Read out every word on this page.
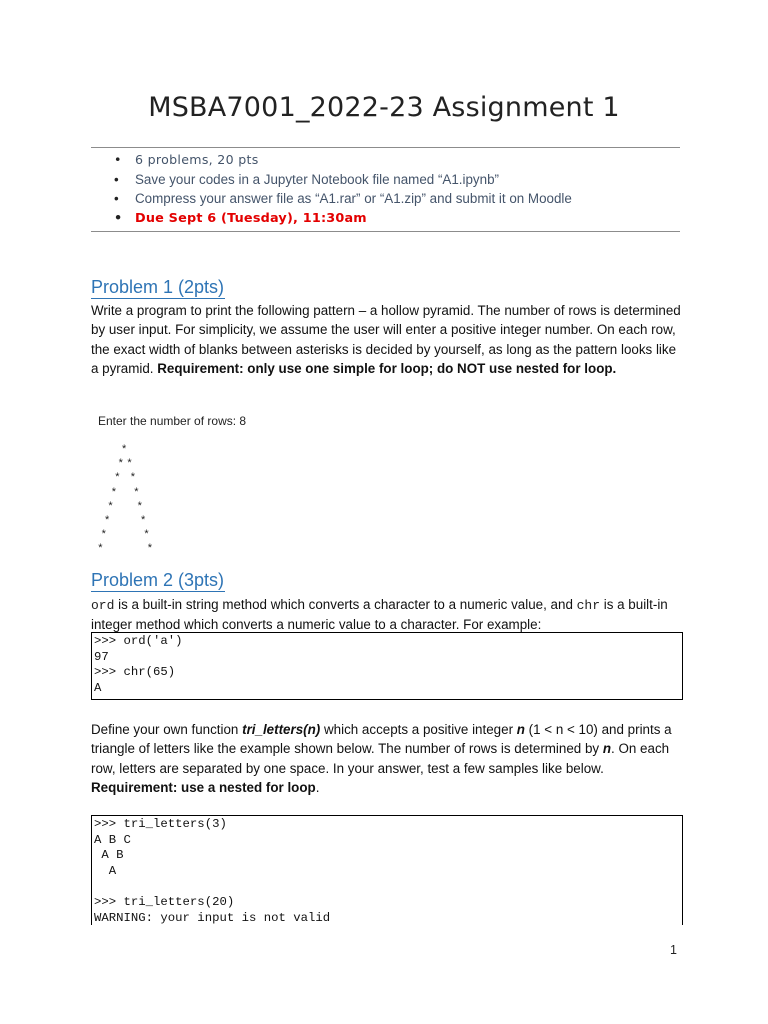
MSBA7001_2022-23 Assignment 1
• 6 problems, 20 pts
• Save your codes in a Jupyter Notebook file named “A1.ipynb”
• Compress your answer file as “A1.rar” or “A1.zip” and submit it on Moodle
• Due Sept 6 (Tuesday), 11:30am
Problem 1 (2pts)
Write a program to print the following pattern – a hollow pyramid. The number of rows is determined by user input. For simplicity, we assume the user will enter a positive integer number. On each row, the exact width of blanks between asterisks is decided by yourself, as long as the pattern looks like a pyramid. Requirement: only use one simple for loop; do NOT use nested for loop.
Enter the number of rows: 8
*
* *
* *
* *
* *
*	*
*	*
*	*
Problem 2 (3pts)
ord is a built-in string method which converts a character to a numeric value, and chr is a built-in integer method which converts a numeric value to a character. For example:
>>> ord('a')
97
>>> chr(65)
A
Define your own function tri_letters(n) which accepts a positive integer n (1 < n < 10) and prints a triangle of letters like the example shown below. The number of rows is determined by n. On each row, letters are separated by one space. In your answer, test a few samples like below. Requirement: use a nested for loop.
>>> tri_letters(3)
A B C
A B
A
>>> tri_letters(20)
WARNING: your input is not valid
1
